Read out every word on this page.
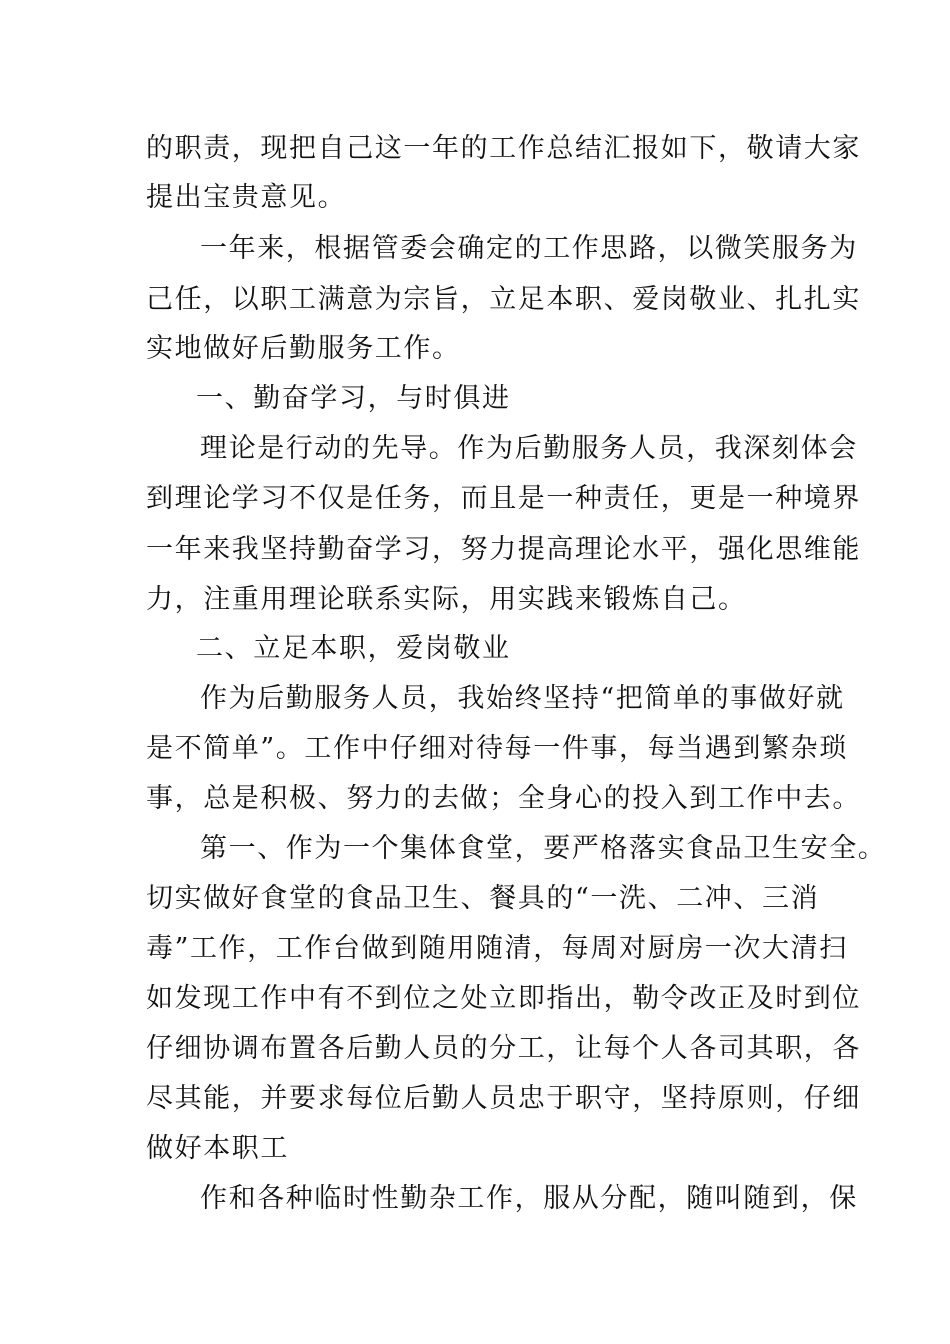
的职责，现把自己这一年的工作总结汇报如下，敬请大家
提出宝贵意见。
一年来，根据管委会确定的工作思路，以微笑服务为
己任，以职工满意为宗旨，立足本职、爱岗敬业、扎扎实
实地做好后勤服务工作。
一、勤奋学习，与时俱进
理论是行动的先导。作为后勤服务人员，我深刻体会
到理论学习不仅是任务，而且是一种责任，更是一种境界
一年来我坚持勤奋学习，努力提高理论水平，强化思维能
力，注重用理论联系实际，用实践来锻炼自己。
二、立足本职，爱岗敬业
作为后勤服务人员，我始终坚持“把简单的事做好就
是不简单”。工作中仔细对待每一件事，每当遇到繁杂琐
事，总是积极、努力的去做；全身心的投入到工作中去。
第一、作为一个集体食堂，要严格落实食品卫生安全。
切实做好食堂的食品卫生、餐具的“一洗、二冲、三消
毒”工作，工作台做到随用随清，每周对厨房一次大清扫
如发现工作中有不到位之处立即指出，勒令改正及时到位
仔细协调布置各后勤人员的分工，让每个人各司其职，各
尽其能，并要求每位后勤人员忠于职守，坚持原则，仔细
做好本职工
作和各种临时性勤杂工作，服从分配，随叫随到，保
